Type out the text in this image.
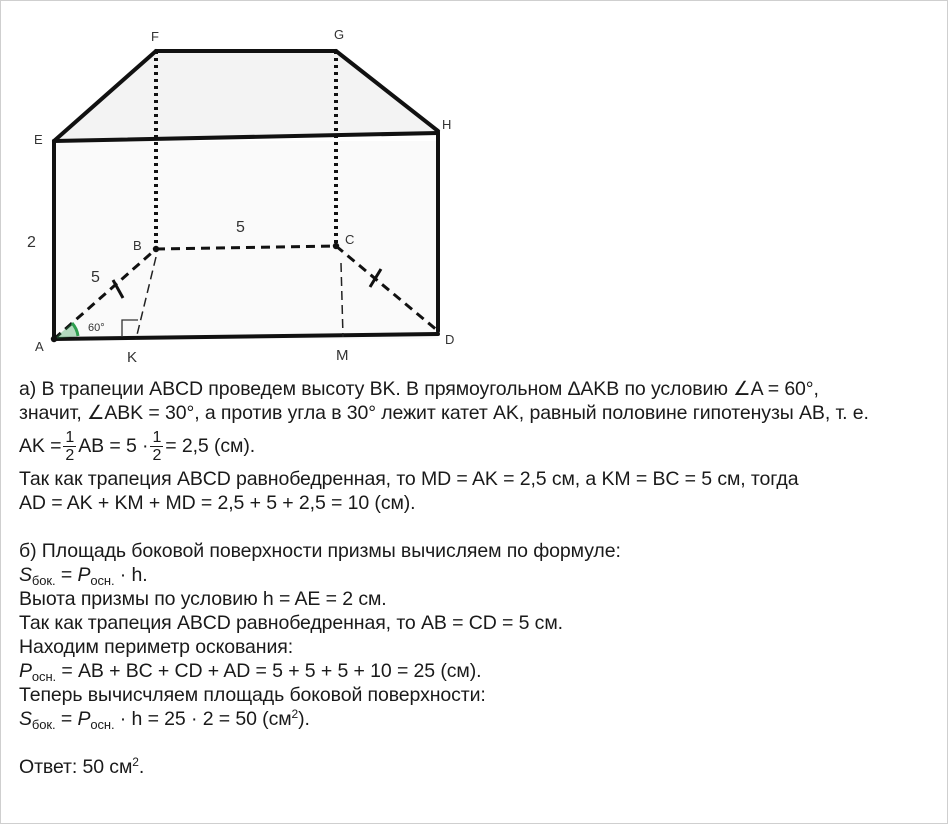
F	G
E
H
B	C
A	D
K	M
2
5
5
60°
а) В трапеции ABCD проведем высоту BK. В прямоугольном ΔAKB по условию ∠A = 60°,
значит, ∠ABK = 30°, а против угла в 30° лежит катет AK, равный половине гипотенузы AB, т. е.
AK = $\frac{1}{2}$ AB = $5 \cdot \frac{1}{2} = 2,5$ (см).
Так как трапеция ABCD равнобедренная, то MD = AK = 2,5 см, а KM = BC = 5 см, тогда
AD = AK + KM + MD = 2,5 + 5 + 2,5 = 10 (см).
б) Площадь боковой поверхности призмы вычисляем по формуле:
$S_{бок.} = P_{осн.} \cdot h$.
Выота призмы по условию h = AE = 2 см.
Так как трапеция ABCD равнобедренная, то AB = CD = 5 см.
Находим периметр оскования:
$P_{осн.}$ = AB + BC + CD + AD = 5 + 5 + 5 + 10 = 25 (см).
Теперь вычисчляем площадь боковой поверхности:
$S_{бок.} = P_{осн.} \cdot h = 25 \cdot 2 = 50$ $(см^2)$.
Ответ: 50 $см^2$.
